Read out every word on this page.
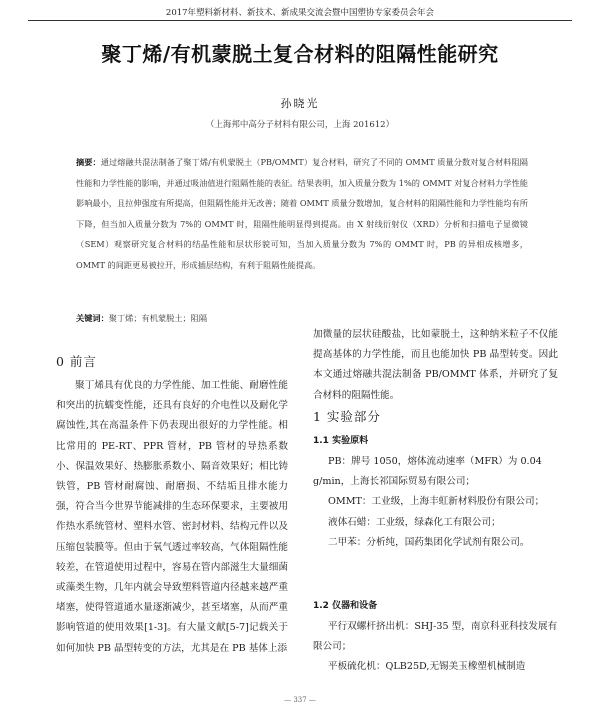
2017年塑料新材料、新技术、新成果交流会暨中国塑协专家委员会年会
聚丁烯/有机蒙脱土复合材料的阻隔性能研究
孙晓光
（上海邦中高分子材料有限公司，上海 201612）
摘要：通过熔融共混法制备了聚丁烯/有机蒙脱土（PB/OMMT）复合材料，研究了不同的 OMMT 质量分数对复合材料阻隔性能和力学性能的影响，并通过吸油值进行阻隔性能的表征。结果表明，加入质量分数为 1%的 OMMT 对复合材料力学性能影响最小，且拉伸强度有所提高，但阻隔性能并无改善；随着 OMMT 质量分数增加，复合材料的阻隔性能和力学性能均有所下降，但当加入质量分数为 7%的 OMMT 时，阻隔性能明显得到提高。由 X 射线衍射仪（XRD）分析和扫描电子显微镜（SEM）观察研究复合材料的结晶性能和层状形貌可知，当加入质量分数为 7%的 OMMT 时，PB 的异相成核增多，OMMT 的间距更易被拉开，形成插层结构，有利于阻隔性能提高。
关键词：聚丁烯；有机蒙脱土；阻隔
0 前言

聚丁烯具有优良的力学性能、加工性能、耐磨性能和突出的抗蠕变性能，还具有良好的介电性以及耐化学腐蚀性,其在高温条件下仍表现出很好的力学性能。相比常用的 PE-RT、PPR 管材，PB 管材的导热系数小、保温效果好、热膨胀系数小、隔音效果好；相比铸铁管，PB 管材耐腐蚀、耐磨损、不结垢且排水能力强，符合当今世界节能减排的生态环保要求，主要被用作热水系统管材、塑料水管、密封材料、结构元件以及压缩包装膜等。但由于氧气透过率较高，气体阻隔性能较差，在管道使用过程中，容易在管内部滋生大量细菌或藻类生物，几年内就会导致塑料管道内径越来越严重堵塞，使得管道通水量逐渐减少，甚至堵塞，从而严重影响管道的使用效果[1-3]。有大量文献[5-7]记载关于如何加快 PB 晶型转变的方法，尤其是在 PB 基体上添

加微量的层状硅酸盐，比如蒙脱土，这种纳米粒子不仅能提高基体的力学性能，而且也能加快 PB 晶型转变。因此本文通过熔融共混法制备 PB/OMMT 体系，并研究了复合材料的阻隔性能。

1 实验部分
1.1 实验原料

PB：牌号 1050，熔体流动速率（MFR）为 0.04 g/min，上海长祁国际贸易有限公司；

OMMT：工业级，上海丰虹新材料股份有限公司；

液体石蜡：工业级，绿森化工有限公司；

二甲苯：分析纯，国药集团化学试剂有限公司。

1.2 仪器和设备

平行双螺杆挤出机：SHJ-35 型，南京科亚科技发展有限公司；

平板硫化机：QLB25D,无锡美玉橡塑机械制造

— 337 —
